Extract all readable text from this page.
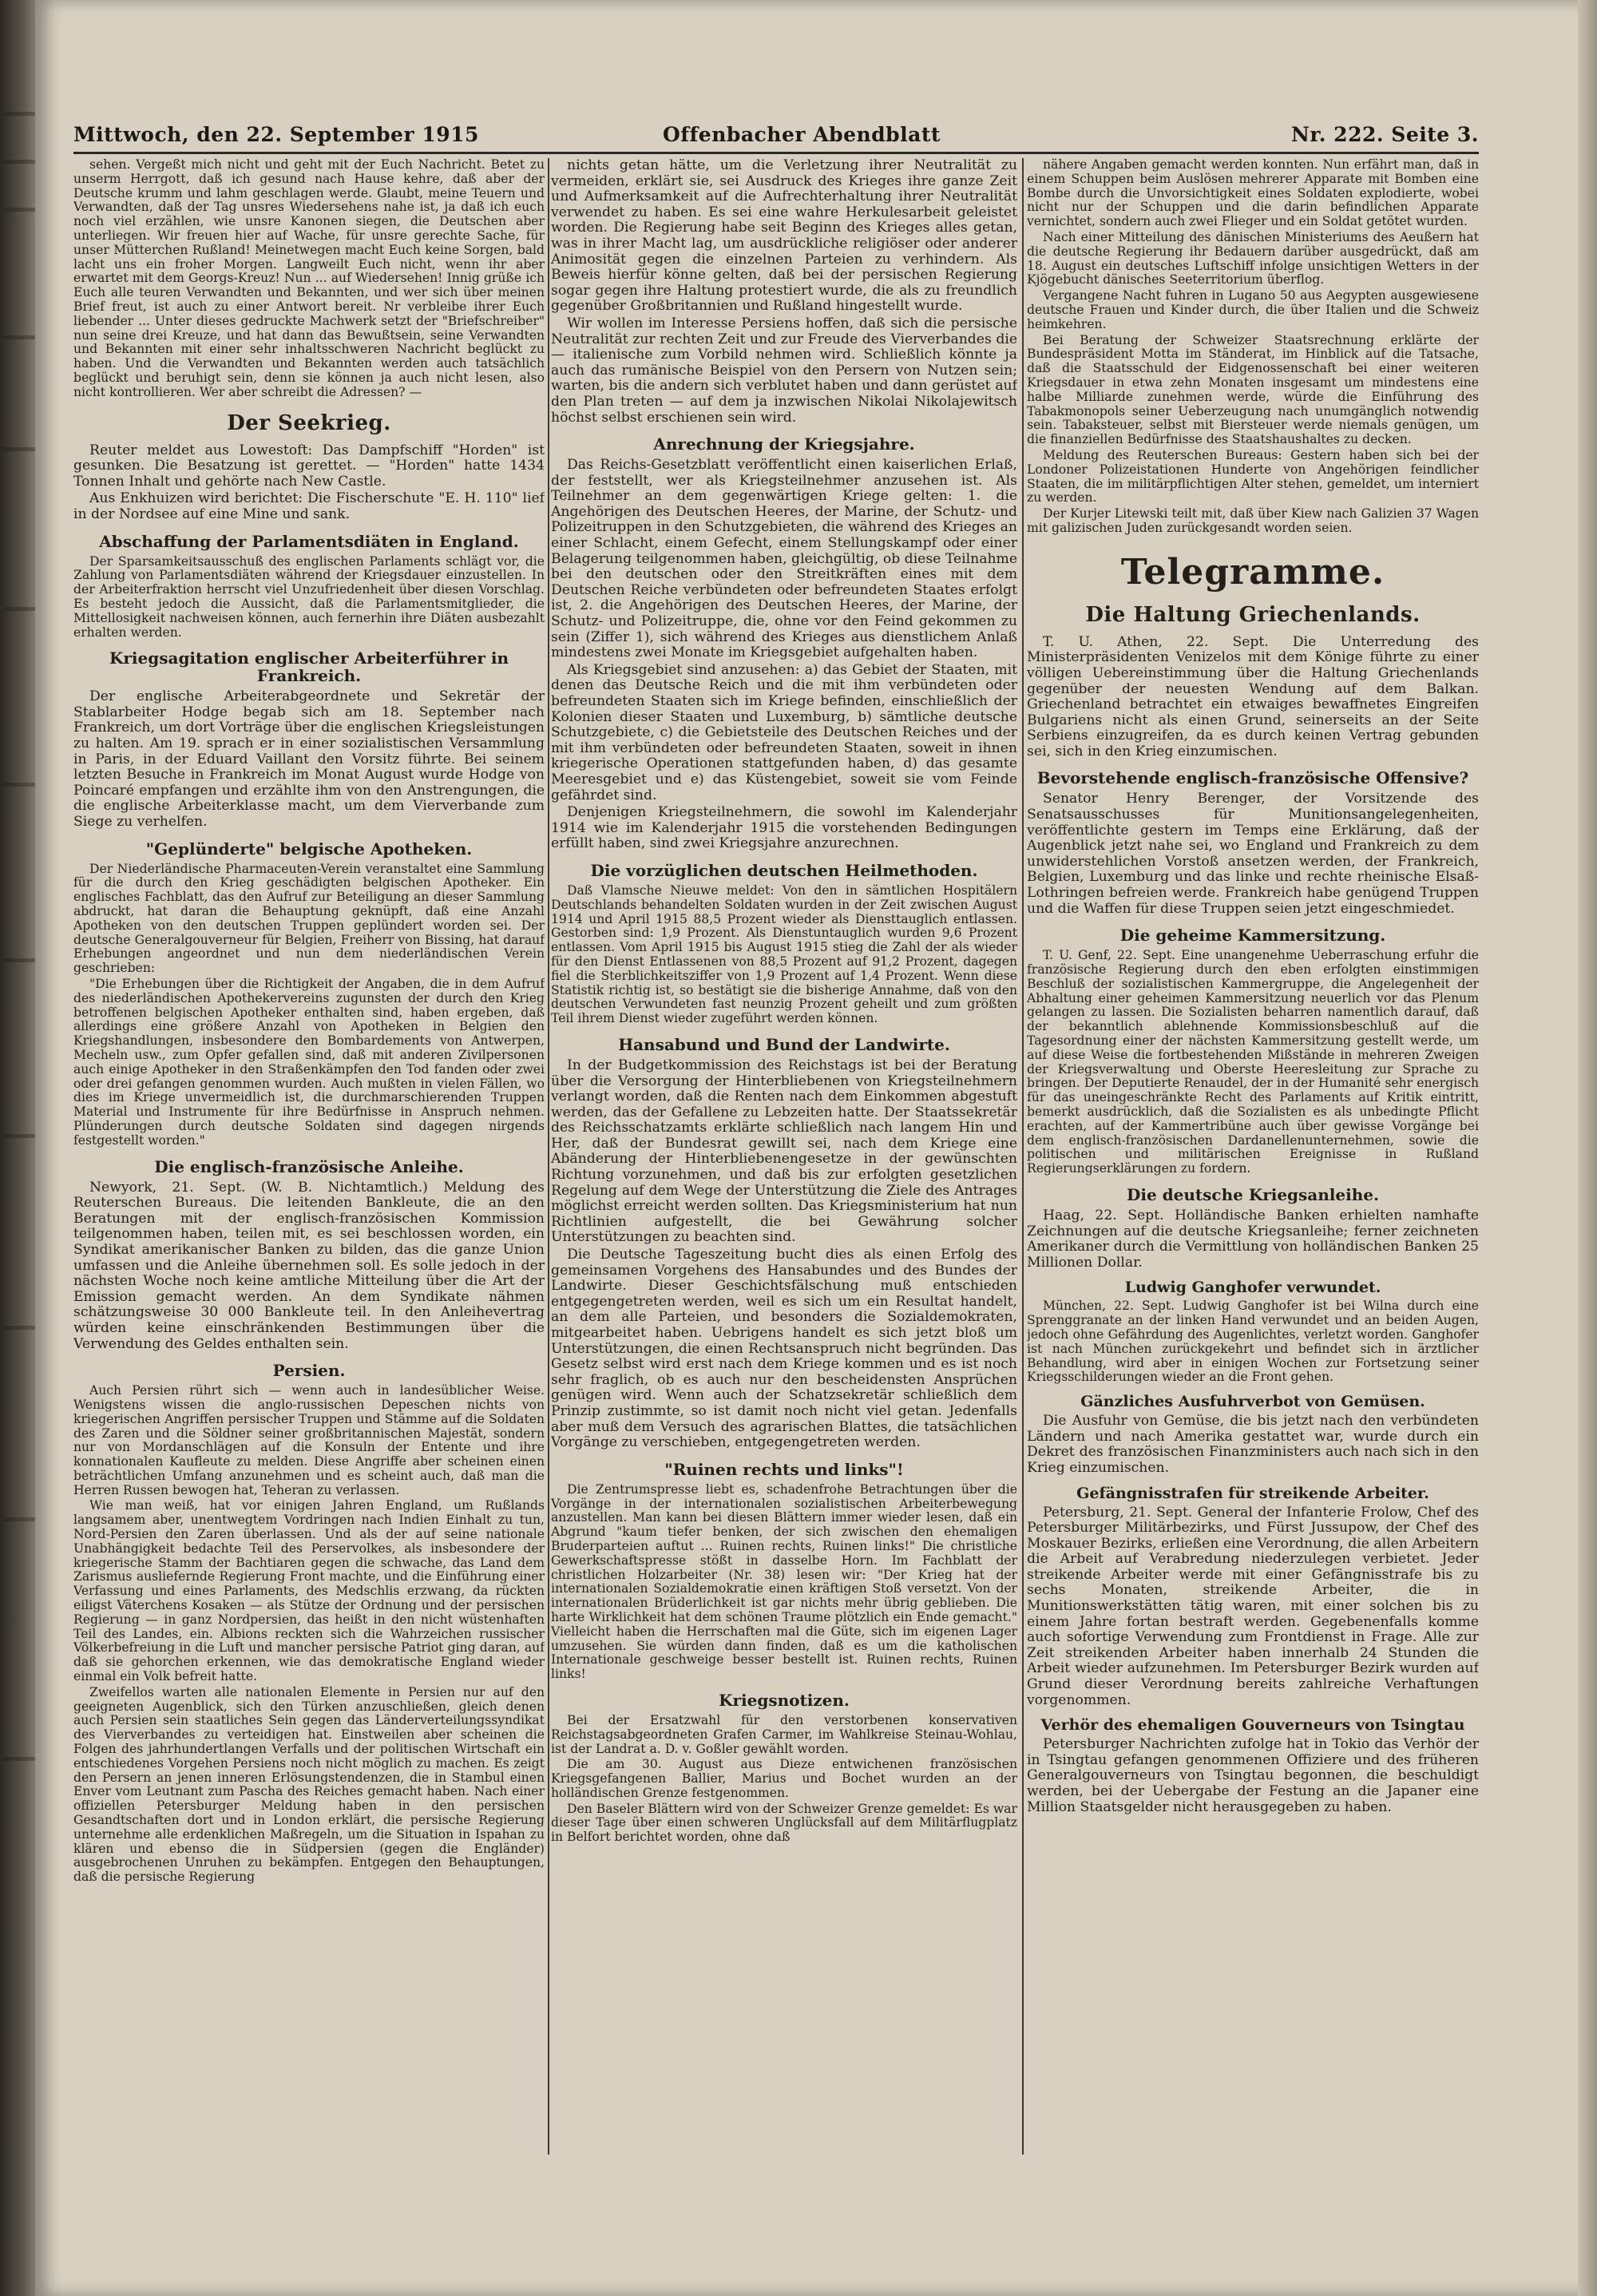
Mittwoch, den 22. September 1915	Offenbacher Abendblatt	Nr. 222. Seite 3.

sehen. Vergeßt mich nicht und geht mit der Euch Nachricht. Betet zu unserm Herrgott, daß ich gesund nach Hause kehre, daß aber der Deutsche krumm und lahm geschlagen werde. Glaubt, meine Teuern und Verwandten, daß der Tag unsres Wiedersehens nahe ist, ja daß ich euch noch viel erzählen, wie unsre Kanonen siegen, die Deutschen aber unterliegen. Wir freuen hier auf Wache, für unsre gerechte Sache, für unser Mütterchen Rußland! Meinetwegen macht Euch keine Sorgen, bald lacht uns ein froher Morgen. Langweilt Euch nicht, wenn ihr aber erwartet mit dem Georgs-Kreuz! Nun ... auf Wiedersehen! Innig grüße ich Euch alle teuren Verwandten und Bekannten, und wer sich über meinen Brief freut, ist auch zu einer Antwort bereit. Nr verbleibe ihrer Euch liebender ... Unter dieses gedruckte Machwerk setzt der "Briefschreiber" nun seine drei Kreuze, und hat dann das Bewußtsein, seine Verwandten und Bekannten mit einer sehr inhaltsschweren Nachricht beglückt zu haben. Und die Verwandten und Bekannten werden auch tatsächlich beglückt und beruhigt sein, denn sie können ja auch nicht lesen, also nicht kontrollieren. Wer aber schreibt die Adressen? —

Der Seekrieg.

Reuter meldet aus Lowestoft: Das Dampfschiff "Horden" ist gesunken. Die Besatzung ist gerettet. — "Horden" hatte 1434 Tonnen Inhalt und gehörte nach New Castle.

Aus Enkhuizen wird berichtet: Die Fischerschute "E. H. 110" lief in der Nordsee auf eine Mine und sank.

Abschaffung der Parlamentsdiäten in England.

Der Sparsamkeitsausschuß des englischen Parlaments schlägt vor, die Zahlung von Parlamentsdiäten während der Kriegsdauer einzustellen. In der Arbeiterfraktion herrscht viel Unzufriedenheit über diesen Vorschlag. Es besteht jedoch die Aussicht, daß die Parlamentsmitglieder, die Mittellosigkeit nachweisen können, auch fernerhin ihre Diäten ausbezahlt erhalten werden.

Kriegsagitation englischer Arbeiterführer in Frankreich.

Der englische Arbeiterabgeordnete und Sekretär der Stablarbeiter Hodge begab sich am 18. September nach Frankreich, um dort Vorträge über die englischen Kriegsleistungen zu halten. Am 19. sprach er in einer sozialistischen Versammlung in Paris, in der Eduard Vaillant den Vorsitz führte. Bei seinem letzten Besuche in Frankreich im Monat August wurde Hodge von Poincaré empfangen und erzählte ihm von den Anstrengungen, die die englische Arbeiterklasse macht, um dem Vierverbande zum Siege zu verhelfen.

"Geplünderte" belgische Apotheken.

Der Niederländische Pharmaceuten-Verein veranstaltet eine Sammlung für die durch den Krieg geschädigten belgischen Apotheker. Ein englisches Fachblatt, das den Aufruf zur Beteiligung an dieser Sammlung abdruckt, hat daran die Behauptung geknüpft, daß eine Anzahl Apotheken von den deutschen Truppen geplündert worden sei. Der deutsche Generalgouverneur für Belgien, Freiherr von Bissing, hat darauf Erhebungen angeordnet und nun dem niederländischen Verein geschrieben:

"Die Erhebungen über die Richtigkeit der Angaben, die in dem Aufruf des niederländischen Apothekervereins zugunsten der durch den Krieg betroffenen belgischen Apotheker enthalten sind, haben ergeben, daß allerdings eine größere Anzahl von Apotheken in Belgien den Kriegshandlungen, insbesondere den Bombardements von Antwerpen, Mecheln usw., zum Opfer gefallen sind, daß mit anderen Zivilpersonen auch einige Apotheker in den Straßenkämpfen den Tod fanden oder zwei oder drei gefangen genommen wurden. Auch mußten in vielen Fällen, wo dies im Kriege unvermeidlich ist, die durchmarschierenden Truppen Material und Instrumente für ihre Bedürfnisse in Anspruch nehmen. Plünderungen durch deutsche Soldaten sind dagegen nirgends festgestellt worden."

Die englisch-französische Anleihe.

Newyork, 21. Sept. (W. B. Nichtamtlich.) Meldung des Reuterschen Bureaus. Die leitenden Bankleute, die an den Beratungen mit der englisch-französischen Kommission teilgenommen haben, teilen mit, es sei beschlossen worden, ein Syndikat amerikanischer Banken zu bilden, das die ganze Union umfassen und die Anleihe übernehmen soll. Es solle jedoch in der nächsten Woche noch keine amtliche Mitteilung über die Art der Emission gemacht werden. An dem Syndikate nähmen schätzungsweise 30 000 Bankleute teil. In den Anleihevertrag würden keine einschränkenden Bestimmungen über die Verwendung des Geldes enthalten sein.

Persien.

Auch Persien rührt sich — wenn auch in landesüblicher Weise. Wenigstens wissen die anglo-russischen Depeschen nichts von kriegerischen Angriffen persischer Truppen und Stämme auf die Soldaten des Zaren und die Söldner seiner großbritannischen Majestät, sondern nur von Mordanschlägen auf die Konsuln der Entente und ihre konnationalen Kaufleute zu melden. Diese Angriffe aber scheinen einen beträchtlichen Umfang anzunehmen und es scheint auch, daß man die Herren Russen bewogen hat, Teheran zu verlassen.

Wie man weiß, hat vor einigen Jahren England, um Rußlands langsamem aber, unentwegtem Vordringen nach Indien Einhalt zu tun, Nord-Persien den Zaren überlassen. Und als der auf seine nationale Unabhängigkeit bedachte Teil des Perservolkes, als insbesondere der kriegerische Stamm der Bachtiaren gegen die schwache, das Land dem Zarismus ausliefernde Regierung Front machte, und die Einführung einer Verfassung und eines Parlaments, des Medschlis erzwang, da rückten eiligst Väterchens Kosaken — als Stütze der Ordnung und der persischen Regierung — in ganz Nordpersien, das heißt in den nicht wüstenhaften Teil des Landes, ein. Albions reckten sich die Wahrzeichen russischer Völkerbefreiung in die Luft und mancher persische Patriot ging daran, auf daß sie gehorchen erkennen, wie das demokratische England wieder einmal ein Volk befreit hatte.

Zweifellos warten alle nationalen Elemente in Persien nur auf den geeigneten Augenblick, sich den Türken anzuschließen, gleich denen auch Persien sein staatliches Sein gegen das Länderverteilungssyndikat des Vierverbandes zu verteidigen hat. Einstweilen aber scheinen die Folgen des jahrhundertlangen Verfalls und der politischen Wirtschaft ein entschiedenes Vorgehen Persiens noch nicht möglich zu machen. Es zeigt den Persern an jenen inneren Erlösungstendenzen, die in Stambul einen Enver vom Leutnant zum Pascha des Reiches gemacht haben. Nach einer offiziellen Petersburger Meldung haben in den persischen Gesandtschaften dort und in London erklärt, die persische Regierung unternehme alle erdenklichen Maßregeln, um die Situation in Ispahan zu klären und ebenso die in Südpersien (gegen die Engländer) ausgebrochenen Unruhen zu bekämpfen. Entgegen den Behauptungen, daß die persische Regierung

nichts getan hätte, um die Verletzung ihrer Neutralität zu vermeiden, erklärt sie, sei Ausdruck des Krieges ihre ganze Zeit und Aufmerksamkeit auf die Aufrechterhaltung ihrer Neutralität verwendet zu haben. Es sei eine wahre Herkulesarbeit geleistet worden. Die Regierung habe seit Beginn des Krieges alles getan, was in ihrer Macht lag, um ausdrückliche religiöser oder anderer Animosität gegen die einzelnen Parteien zu verhindern. Als Beweis hierfür könne gelten, daß bei der persischen Regierung sogar gegen ihre Haltung protestiert wurde, die als zu freundlich gegenüber Großbritannien und Rußland hingestellt wurde.

Wir wollen im Interesse Persiens hoffen, daß sich die persische Neutralität zur rechten Zeit und zur Freude des Vierverbandes die — italienische zum Vorbild nehmen wird. Schließlich könnte ja auch das rumänische Beispiel von den Persern von Nutzen sein; warten, bis die andern sich verblutet haben und dann gerüstet auf den Plan treten — auf dem ja inzwischen Nikolai Nikolajewitsch höchst selbst erschienen sein wird.

Anrechnung der Kriegsjahre.

Das Reichs-Gesetzblatt veröffentlicht einen kaiserlichen Erlaß, der feststellt, wer als Kriegsteilnehmer anzusehen ist. Als Teilnehmer an dem gegenwärtigen Kriege gelten: 1. die Angehörigen des Deutschen Heeres, der Marine, der Schutz- und Polizeitruppen in den Schutzgebieten, die während des Krieges an einer Schlacht, einem Gefecht, einem Stellungskampf oder einer Belagerung teilgenommen haben, gleichgültig, ob diese Teilnahme bei den deutschen oder den Streitkräften eines mit dem Deutschen Reiche verbündeten oder befreundeten Staates erfolgt ist, 2. die Angehörigen des Deutschen Heeres, der Marine, der Schutz- und Polizeitruppe, die, ohne vor den Feind gekommen zu sein (Ziffer 1), sich während des Krieges aus dienstlichem Anlaß mindestens zwei Monate im Kriegsgebiet aufgehalten haben.

Als Kriegsgebiet sind anzusehen: a) das Gebiet der Staaten, mit denen das Deutsche Reich und die mit ihm verbündeten oder befreundeten Staaten sich im Kriege befinden, einschließlich der Kolonien dieser Staaten und Luxemburg, b) sämtliche deutsche Schutzgebiete, c) die Gebietsteile des Deutschen Reiches und der mit ihm verbündeten oder befreundeten Staaten, soweit in ihnen kriegerische Operationen stattgefunden haben, d) das gesamte Meeresgebiet und e) das Küstengebiet, soweit sie vom Feinde gefährdet sind.

Denjenigen Kriegsteilnehmern, die sowohl im Kalenderjahr 1914 wie im Kalenderjahr 1915 die vorstehenden Bedingungen erfüllt haben, sind zwei Kriegsjahre anzurechnen.

Die vorzüglichen deutschen Heilmethoden.

Daß Vlamsche Nieuwe meldet: Von den in sämtlichen Hospitälern Deutschlands behandelten Soldaten wurden in der Zeit zwischen August 1914 und April 1915 88,5 Prozent wieder als Diensttauglich entlassen. Gestorben sind: 1,9 Prozent. Als Dienstuntauglich wurden 9,6 Prozent entlassen. Vom April 1915 bis August 1915 stieg die Zahl der als wieder für den Dienst Entlassenen von 88,5 Prozent auf 91,2 Prozent, dagegen fiel die Sterblichkeitsziffer von 1,9 Prozent auf 1,4 Prozent. Wenn diese Statistik richtig ist, so bestätigt sie die bisherige Annahme, daß von den deutschen Verwundeten fast neunzig Prozent geheilt und zum größten Teil ihrem Dienst wieder zugeführt werden können.

Hansabund und Bund der Landwirte.

In der Budgetkommission des Reichstags ist bei der Beratung über die Versorgung der Hinterbliebenen von Kriegsteilnehmern verlangt worden, daß die Renten nach dem Einkommen abgestuft werden, das der Gefallene zu Lebzeiten hatte. Der Staatssekretär des Reichsschatzamts erklärte schließlich nach langem Hin und Her, daß der Bundesrat gewillt sei, nach dem Kriege eine Abänderung der Hinterbliebenengesetze in der gewünschten Richtung vorzunehmen, und daß bis zur erfolgten gesetzlichen Regelung auf dem Wege der Unterstützung die Ziele des Antrages möglichst erreicht werden sollten. Das Kriegsministerium hat nun Richtlinien aufgestellt, die bei Gewährung solcher Unterstützungen zu beachten sind.

Die Deutsche Tageszeitung bucht dies als einen Erfolg des gemeinsamen Vorgehens des Hansabundes und des Bundes der Landwirte. Dieser Geschichtsfälschung muß entschieden entgegengetreten werden, weil es sich um ein Resultat handelt, an dem alle Parteien, und besonders die Sozialdemokraten, mitgearbeitet haben. Uebrigens handelt es sich jetzt bloß um Unterstützungen, die einen Rechtsanspruch nicht begründen. Das Gesetz selbst wird erst nach dem Kriege kommen und es ist noch sehr fraglich, ob es auch nur den bescheidensten Ansprüchen genügen wird. Wenn auch der Schatzsekretär schließlich dem Prinzip zustimmte, so ist damit noch nicht viel getan. Jedenfalls aber muß dem Versuch des agrarischen Blattes, die tatsächlichen Vorgänge zu verschieben, entgegengetreten werden.

"Ruinen rechts und links"!

Die Zentrumspresse liebt es, schadenfrohe Betrachtungen über die Vorgänge in der internationalen sozialistischen Arbeiterbewegung anzustellen. Man kann bei diesen Blättern immer wieder lesen, daß ein Abgrund "kaum tiefer benken, der sich zwischen den ehemaligen Bruderparteien auftut ... Ruinen rechts, Ruinen links!" Die christliche Gewerkschaftspresse stößt in dasselbe Horn. Im Fachblatt der christlichen Holzarbeiter (Nr. 38) lesen wir: "Der Krieg hat der internationalen Sozialdemokratie einen kräftigen Stoß versetzt. Von der internationalen Brüderlichkeit ist gar nichts mehr übrig geblieben. Die harte Wirklichkeit hat dem schönen Traume plötzlich ein Ende gemacht." Vielleicht haben die Herrschaften mal die Güte, sich im eigenen Lager umzusehen. Sie würden dann finden, daß es um die katholischen Internationale geschweige besser bestellt ist. Ruinen rechts, Ruinen links!

Kriegsnotizen.

Bei der Ersatzwahl für den verstorbenen konservativen Reichstagsabgeordneten Grafen Carmer, im Wahlkreise Steinau-Wohlau, ist der Landrat a. D. v. Goßler gewählt worden.

Die am 30. August aus Dieze entwichenen französischen Kriegsgefangenen Ballier, Marius und Bochet wurden an der holländischen Grenze festgenommen.

Den Baseler Blättern wird von der Schweizer Grenze gemeldet: Es war dieser Tage über einen schweren Unglücksfall auf dem Militärflugplatz in Belfort berichtet worden, ohne daß

nähere Angaben gemacht werden konnten. Nun erfährt man, daß in einem Schuppen beim Auslösen mehrerer Apparate mit Bomben eine Bombe durch die Unvorsichtigkeit eines Soldaten explodierte, wobei nicht nur der Schuppen und die darin befindlichen Apparate vernichtet, sondern auch zwei Flieger und ein Soldat getötet wurden.

Nach einer Mitteilung des dänischen Ministeriums des Aeußern hat die deutsche Regierung ihr Bedauern darüber ausgedrückt, daß am 18. August ein deutsches Luftschiff infolge unsichtigen Wetters in der Kjögebucht dänisches Seeterritorium überflog.

Vergangene Nacht fuhren in Lugano 50 aus Aegypten ausgewiesene deutsche Frauen und Kinder durch, die über Italien und die Schweiz heimkehren.

Bei Beratung der Schweizer Staatsrechnung erklärte der Bundespräsident Motta im Ständerat, im Hinblick auf die Tatsache, daß die Staatsschuld der Eidgenossenschaft bei einer weiteren Kriegsdauer in etwa zehn Monaten insgesamt um mindestens eine halbe Milliarde zunehmen werde, würde die Einführung des Tabakmonopols seiner Ueberzeugung nach unumgänglich notwendig sein. Tabaksteuer, selbst mit Biersteuer werde niemals genügen, um die finanziellen Bedürfnisse des Staatshaushaltes zu decken.

Meldung des Reuterschen Bureaus: Gestern haben sich bei der Londoner Polizeistationen Hunderte von Angehörigen feindlicher Staaten, die im militärpflichtigen Alter stehen, gemeldet, um interniert zu werden.

Der Kurjer Litewski teilt mit, daß über Kiew nach Galizien 37 Wagen mit galizischen Juden zurückgesandt worden seien.

Telegramme.
Die Haltung Griechenlands.

T. U. Athen, 22. Sept. Die Unterredung des Ministerpräsidenten Venizelos mit dem Könige führte zu einer völligen Uebereinstimmung über die Haltung Griechenlands gegenüber der neuesten Wendung auf dem Balkan. Griechenland betrachtet ein etwaiges bewaffnetes Eingreifen Bulgariens nicht als einen Grund, seinerseits an der Seite Serbiens einzugreifen, da es durch keinen Vertrag gebunden sei, sich in den Krieg einzumischen.

Bevorstehende englisch-französische Offensive?

Senator Henry Berenger, der Vorsitzende des Senatsausschusses für Munitionsangelegenheiten, veröffentlichte gestern im Temps eine Erklärung, daß der Augenblick jetzt nahe sei, wo England und Frankreich zu dem unwiderstehlichen Vorstoß ansetzen werden, der Frankreich, Belgien, Luxemburg und das linke und rechte rheinische Elsaß-Lothringen befreien werde. Frankreich habe genügend Truppen und die Waffen für diese Truppen seien jetzt eingeschmiedet.

Die geheime Kammersitzung.

T. U. Genf, 22. Sept. Eine unangenehme Ueberraschung erfuhr die französische Regierung durch den eben erfolgten einstimmigen Beschluß der sozialistischen Kammergruppe, die Angelegenheit der Abhaltung einer geheimen Kammersitzung neuerlich vor das Plenum gelangen zu lassen. Die Sozialisten beharren namentlich darauf, daß der bekanntlich ablehnende Kommissionsbeschluß auf die Tagesordnung einer der nächsten Kammersitzung gestellt werde, um auf diese Weise die fortbestehenden Mißstände in mehreren Zweigen der Kriegsverwaltung und Oberste Heeresleitung zur Sprache zu bringen. Der Deputierte Renaudel, der in der Humanité sehr energisch für das uneingeschränkte Recht des Parlaments auf Kritik eintritt, bemerkt ausdrücklich, daß die Sozialisten es als unbedingte Pflicht erachten, auf der Kammertribüne auch über gewisse Vorgänge bei dem englisch-französischen Dardanellenunternehmen, sowie die politischen und militärischen Ereignisse in Rußland Regierungserklärungen zu fordern.

Die deutsche Kriegsanleihe.

Haag, 22. Sept. Holländische Banken erhielten namhafte Zeichnungen auf die deutsche Kriegsanleihe; ferner zeichneten Amerikaner durch die Vermittlung von holländischen Banken 25 Millionen Dollar.

Ludwig Ganghofer verwundet.

München, 22. Sept. Ludwig Ganghofer ist bei Wilna durch eine Sprenggranate an der linken Hand verwundet und an beiden Augen, jedoch ohne Gefährdung des Augenlichtes, verletzt worden. Ganghofer ist nach München zurückgekehrt und befindet sich in ärztlicher Behandlung, wird aber in einigen Wochen zur Fortsetzung seiner Kriegsschilderungen wieder an die Front gehen.

Gänzliches Ausfuhrverbot von Gemüsen.

Die Ausfuhr von Gemüse, die bis jetzt nach den verbündeten Ländern und nach Amerika gestattet war, wurde durch ein Dekret des französischen Finanzministers auch nach sich in den Krieg einzumischen.

Gefängnisstrafen für streikende Arbeiter.

Petersburg, 21. Sept. General der Infanterie Frolow, Chef des Petersburger Militärbezirks, und Fürst Jussupow, der Chef des Moskauer Bezirks, erließen eine Verordnung, die allen Arbeitern die Arbeit auf Verabredung niederzulegen verbietet. Jeder streikende Arbeiter werde mit einer Gefängnisstrafe bis zu sechs Monaten, streikende Arbeiter, die in Munitionswerkstätten tätig waren, mit einer solchen bis zu einem Jahre fortan bestraft werden. Gegebenenfalls komme auch sofortige Verwendung zum Frontdienst in Frage. Alle zur Zeit streikenden Arbeiter haben innerhalb 24 Stunden die Arbeit wieder aufzunehmen. Im Petersburger Bezirk wurden auf Grund dieser Verordnung bereits zahlreiche Verhaftungen vorgenommen.

Verhör des ehemaligen Gouverneurs von Tsingtau

Petersburger Nachrichten zufolge hat in Tokio das Verhör der in Tsingtau gefangen genommenen Offiziere und des früheren Generalgouverneurs von Tsingtau begonnen, die beschuldigt werden, bei der Uebergabe der Festung an die Japaner eine Million Staatsgelder nicht herausgegeben zu haben.
